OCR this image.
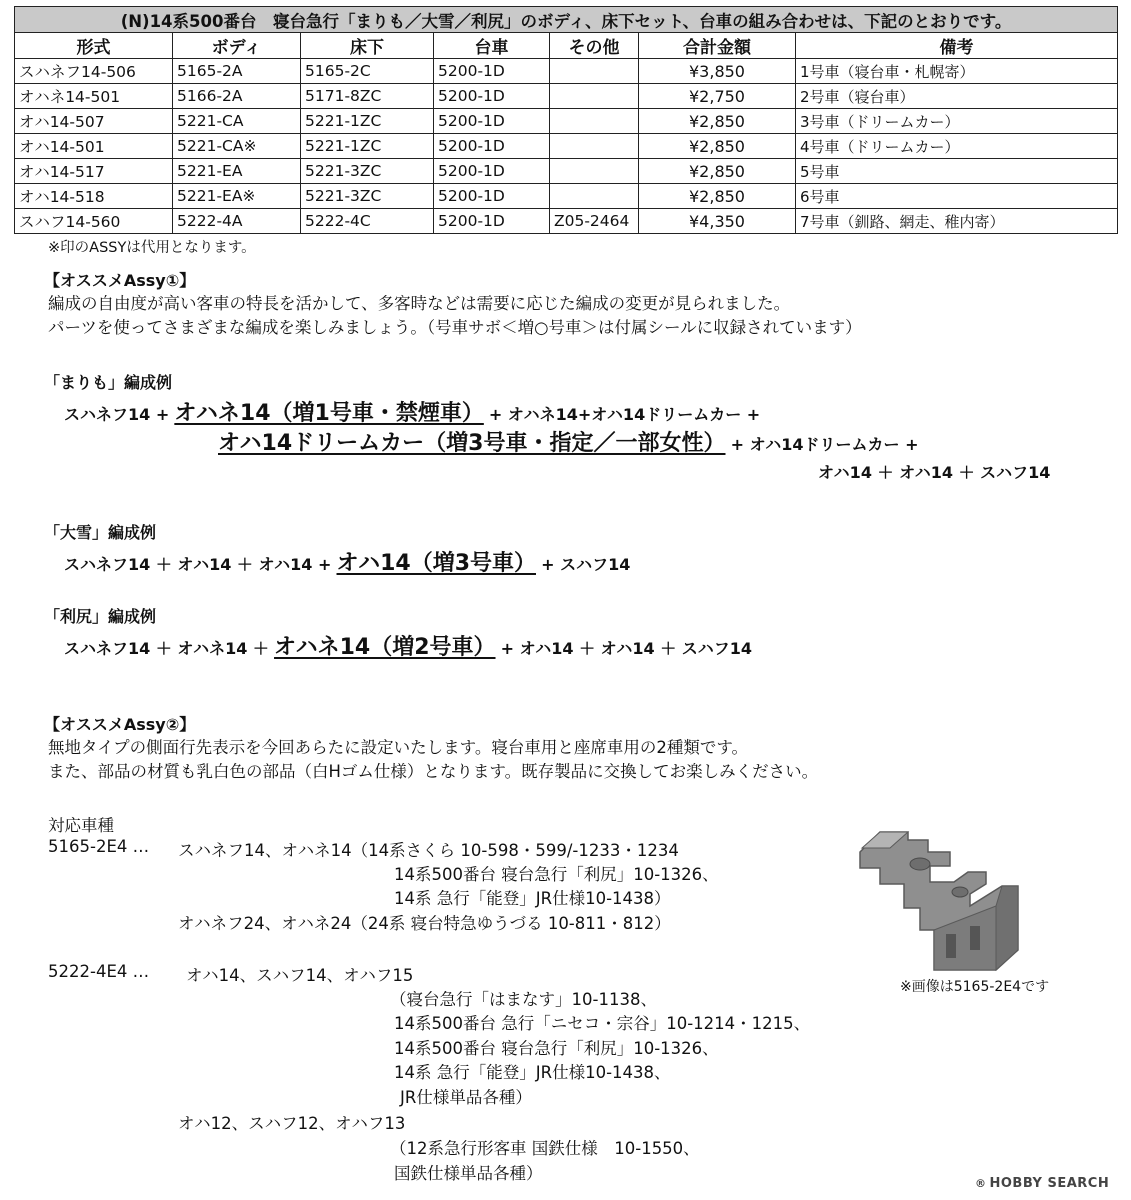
(N)14系500番台　寝台急行「まりも／大雪／利尻」のボディ、床下セット、台車の組み合わせは、下記のとおりです。						
形式	ボディ	床下	台車	その他	合計金額	備考
スハネフ14-506	5165-2A	5165-2C	5200-1D		¥3,850	1号車（寝台車・札幌寄）
オハネ14-501	5166-2A	5171-8ZC	5200-1D		¥2,750	2号車（寝台車）
オハ14-507	5221-CA	5221-1ZC	5200-1D		¥2,850	3号車（ドリームカー）
オハ14-501	5221-CA※	5221-1ZC	5200-1D		¥2,850	4号車（ドリームカー）
オハ14-517	5221-EA	5221-3ZC	5200-1D		¥2,850	5号車
オハ14-518	5221-EA※	5221-3ZC	5200-1D		¥2,850	6号車
スハフ14-560	5222-4A	5222-4C	5200-1D	Z05-2464	¥4,350	7号車（釧路、網走、稚内寄）
※印のASSYは代用となります。
【オススメAssy①】
編成の自由度が高い客車の特長を活かして、多客時などは需要に応じた編成の変更が見られました。
パーツを使ってさまざまな編成を楽しみましょう。（号車サボ＜増○号車＞は付属シールに収録されています）
「まりも」編成例
スハネフ14 + オハネ14（増1号車・禁煙車） + オハネ14+オハ14ドリームカー +
オハ14ドリームカー（増3号車・指定／一部女性） + オハ14ドリームカー +
オハ14 ＋ オハ14 ＋ スハフ14
「大雪」編成例
スハネフ14 ＋ オハ14 ＋ オハ14 + オハ14（増3号車） + スハフ14
「利尻」編成例
スハネフ14 ＋ オハネ14 ＋ オハネ14（増2号車） + オハ14 ＋ オハ14 ＋ スハフ14
【オススメAssy②】
無地タイプの側面行先表示を今回あらたに設定いたします。寝台車用と座席車用の2種類です。
また、部品の材質も乳白色の部品（白Hゴム仕様）となります。既存製品に交換してお楽しみください。
対応車種
5165-2E4 … スハネフ14、オハネ14（14系さくら 10-598・599/-1233・1234
14系500番台 寝台急行「利尻」10-1326、
14系 急行「能登」JR仕様10-1438）
オハネフ24、オハネ24（24系 寝台特急ゆうづる 10-811・812）
5222-4E4 … オハ14、スハフ14、オハフ15
（寝台急行「はまなす」10-1138、
14系500番台 急行「ニセコ・宗谷」10-1214・1215、
14系500番台 寝台急行「利尻」10-1326、
14系 急行「能登」JR仕様10-1438、
JR仕様単品各種）
オハ12、スハフ12、オハフ13
（12系急行形客車 国鉄仕様　10-1550、
国鉄仕様単品各種）
※画像は5165-2E4です
® HOBBY SEARCH
